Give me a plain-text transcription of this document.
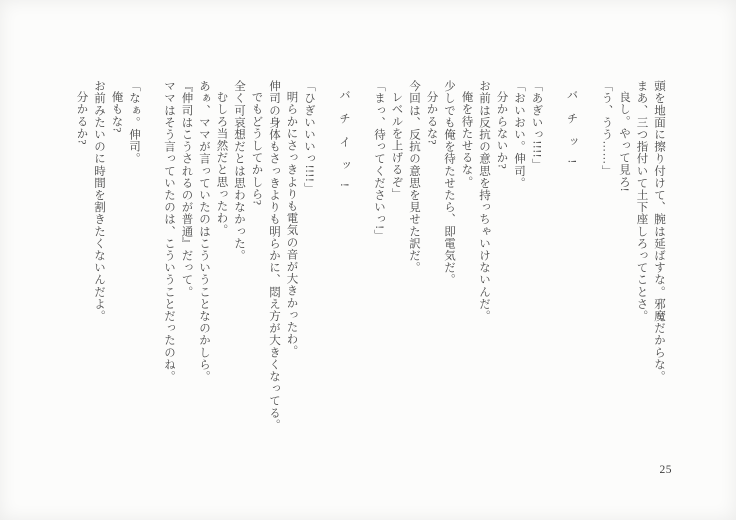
頭を地面に擦り付けて、腕は延ばすな。邪魔だからな。
まあ、三つ指付いて土下座しろってことさ。
良し。やって見ろ!
「う、うう……」
バチッ!
「あぎいっ!!!!」
「おいおい。伸司。
分からないか?
お前は反抗の意思を持っちゃいけないんだ。
俺を待たせるな。
少しでも俺を待たせたら、即電気だ。
分かるな?
今回は、反抗の意思を見せた訳だ。
レベルを上げるぞ」
「まっ、待ってくださいっ!」
バチイッ!
「ひぎいいいっ!!!!」
明らかにさっきよりも電気の音が大きかったわ。
伸司の身体もさっきよりも明らかに、悶え方が大きくなってる。
でもどうしてかしら?
全く可哀想だとは思わなかった。
むしろ当然だと思ったわ。
あぁ、ママが言っていたのはこういうことなのかしら。
『伸司はこうされるのが普通』だって。
ママはそう言っていたのは、こういうことだったのね。
「なぁ。伸司。
俺もな?
お前みたいのに時間を割きたくないんだよ。
分かるか?
25
